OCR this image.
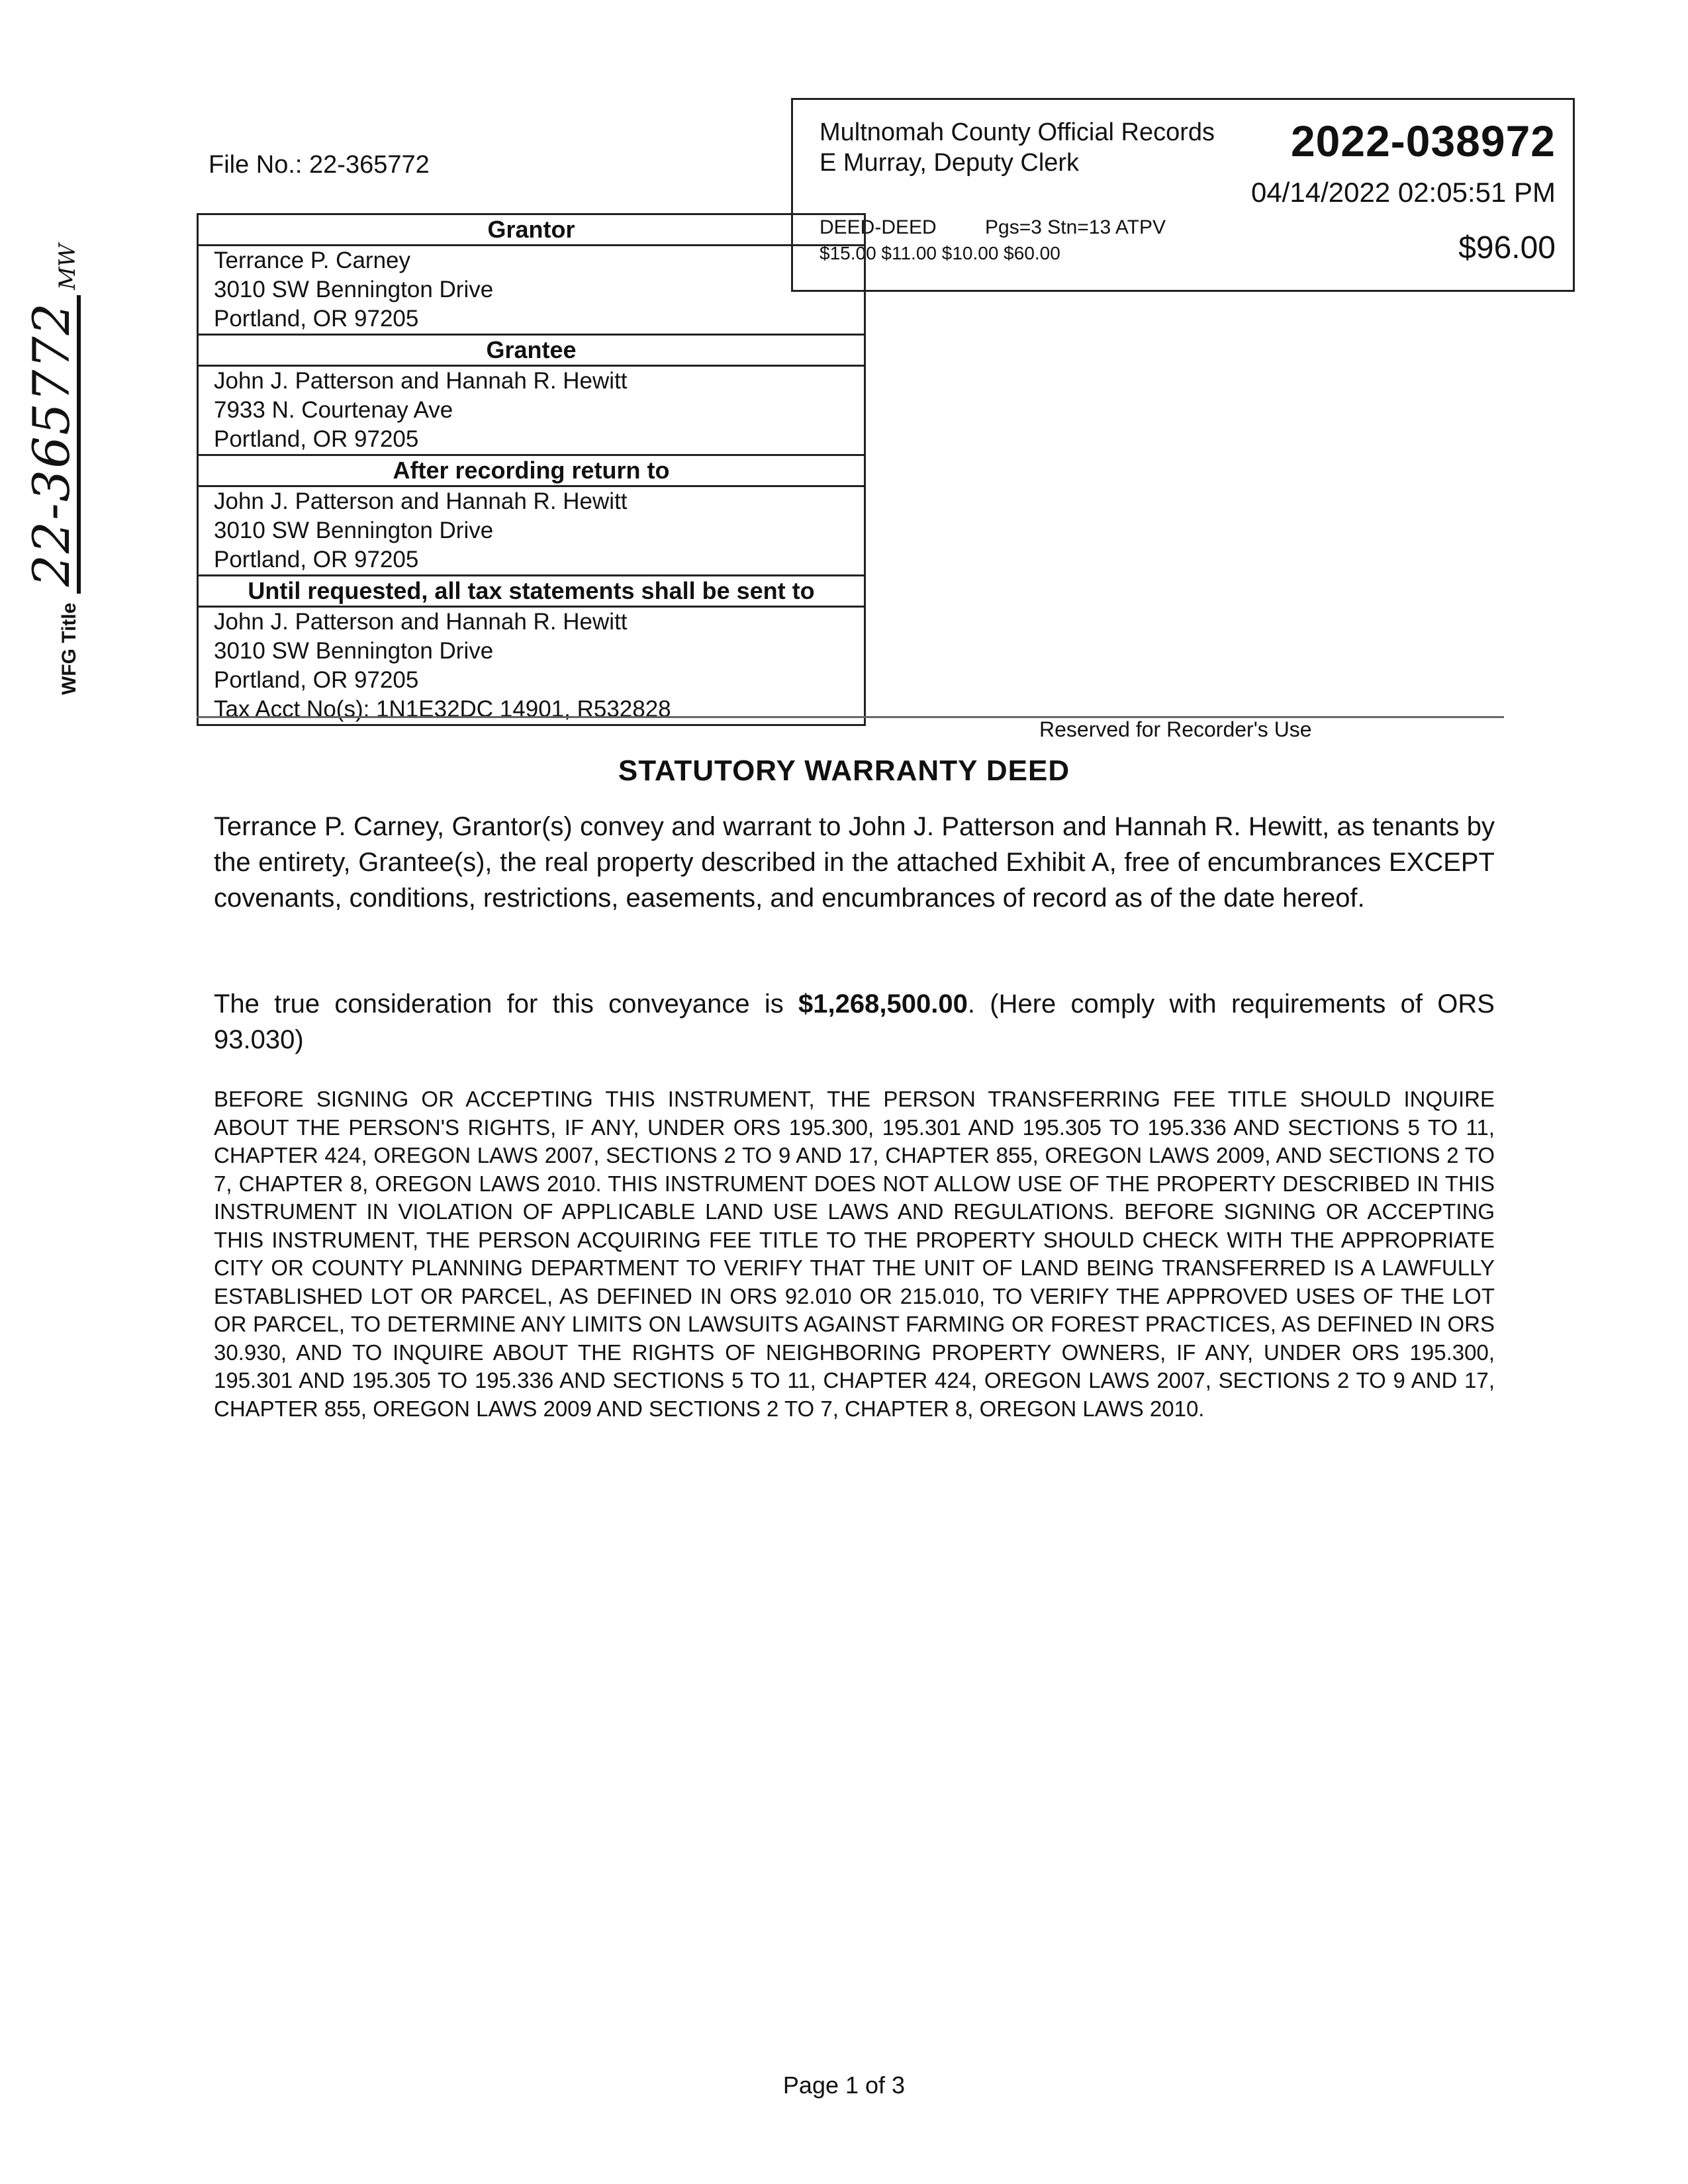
WFG Title
22-365772
MW
File No.: 22-365772
Multnomah County Official Records
E Murray, Deputy Clerk	2022-038972
04/14/2022 02:05:51 PM
DEED-DEED Pgs=3 Stn=13 ATPV
$15.00 $11.00 $10.00 $60.00	$96.00
Grantor
Terrance P. Carney
3010 SW Bennington Drive
Portland, OR 97205
Grantee
John J. Patterson and Hannah R. Hewitt
7933 N. Courtenay Ave
Portland, OR 97205
After recording return to
John J. Patterson and Hannah R. Hewitt
3010 SW Bennington Drive
Portland, OR 97205
Until requested, all tax statements shall be sent to
John J. Patterson and Hannah R. Hewitt
3010 SW Bennington Drive
Portland, OR 97205
Tax Acct No(s): 1N1E32DC 14901, R532828
Reserved for Recorder's Use
STATUTORY WARRANTY DEED
Terrance P. Carney, Grantor(s) convey and warrant to John J. Patterson and Hannah R. Hewitt, as tenants by the entirety, Grantee(s), the real property described in the attached Exhibit A, free of encumbrances EXCEPT covenants, conditions, restrictions, easements, and encumbrances of record as of the date hereof.
The true consideration for this conveyance is $1,268,500.00. (Here comply with requirements of ORS 93.030)
BEFORE SIGNING OR ACCEPTING THIS INSTRUMENT, THE PERSON TRANSFERRING FEE TITLE SHOULD INQUIRE ABOUT THE PERSON'S RIGHTS, IF ANY, UNDER ORS 195.300, 195.301 AND 195.305 TO 195.336 AND SECTIONS 5 TO 11, CHAPTER 424, OREGON LAWS 2007, SECTIONS 2 TO 9 AND 17, CHAPTER 855, OREGON LAWS 2009, AND SECTIONS 2 TO 7, CHAPTER 8, OREGON LAWS 2010. THIS INSTRUMENT DOES NOT ALLOW USE OF THE PROPERTY DESCRIBED IN THIS INSTRUMENT IN VIOLATION OF APPLICABLE LAND USE LAWS AND REGULATIONS. BEFORE SIGNING OR ACCEPTING THIS INSTRUMENT, THE PERSON ACQUIRING FEE TITLE TO THE PROPERTY SHOULD CHECK WITH THE APPROPRIATE CITY OR COUNTY PLANNING DEPARTMENT TO VERIFY THAT THE UNIT OF LAND BEING TRANSFERRED IS A LAWFULLY ESTABLISHED LOT OR PARCEL, AS DEFINED IN ORS 92.010 OR 215.010, TO VERIFY THE APPROVED USES OF THE LOT OR PARCEL, TO DETERMINE ANY LIMITS ON LAWSUITS AGAINST FARMING OR FOREST PRACTICES, AS DEFINED IN ORS 30.930, AND TO INQUIRE ABOUT THE RIGHTS OF NEIGHBORING PROPERTY OWNERS, IF ANY, UNDER ORS 195.300, 195.301 AND 195.305 TO 195.336 AND SECTIONS 5 TO 11, CHAPTER 424, OREGON LAWS 2007, SECTIONS 2 TO 9 AND 17, CHAPTER 855, OREGON LAWS 2009 AND SECTIONS 2 TO 7, CHAPTER 8, OREGON LAWS 2010.
Page 1 of 3
